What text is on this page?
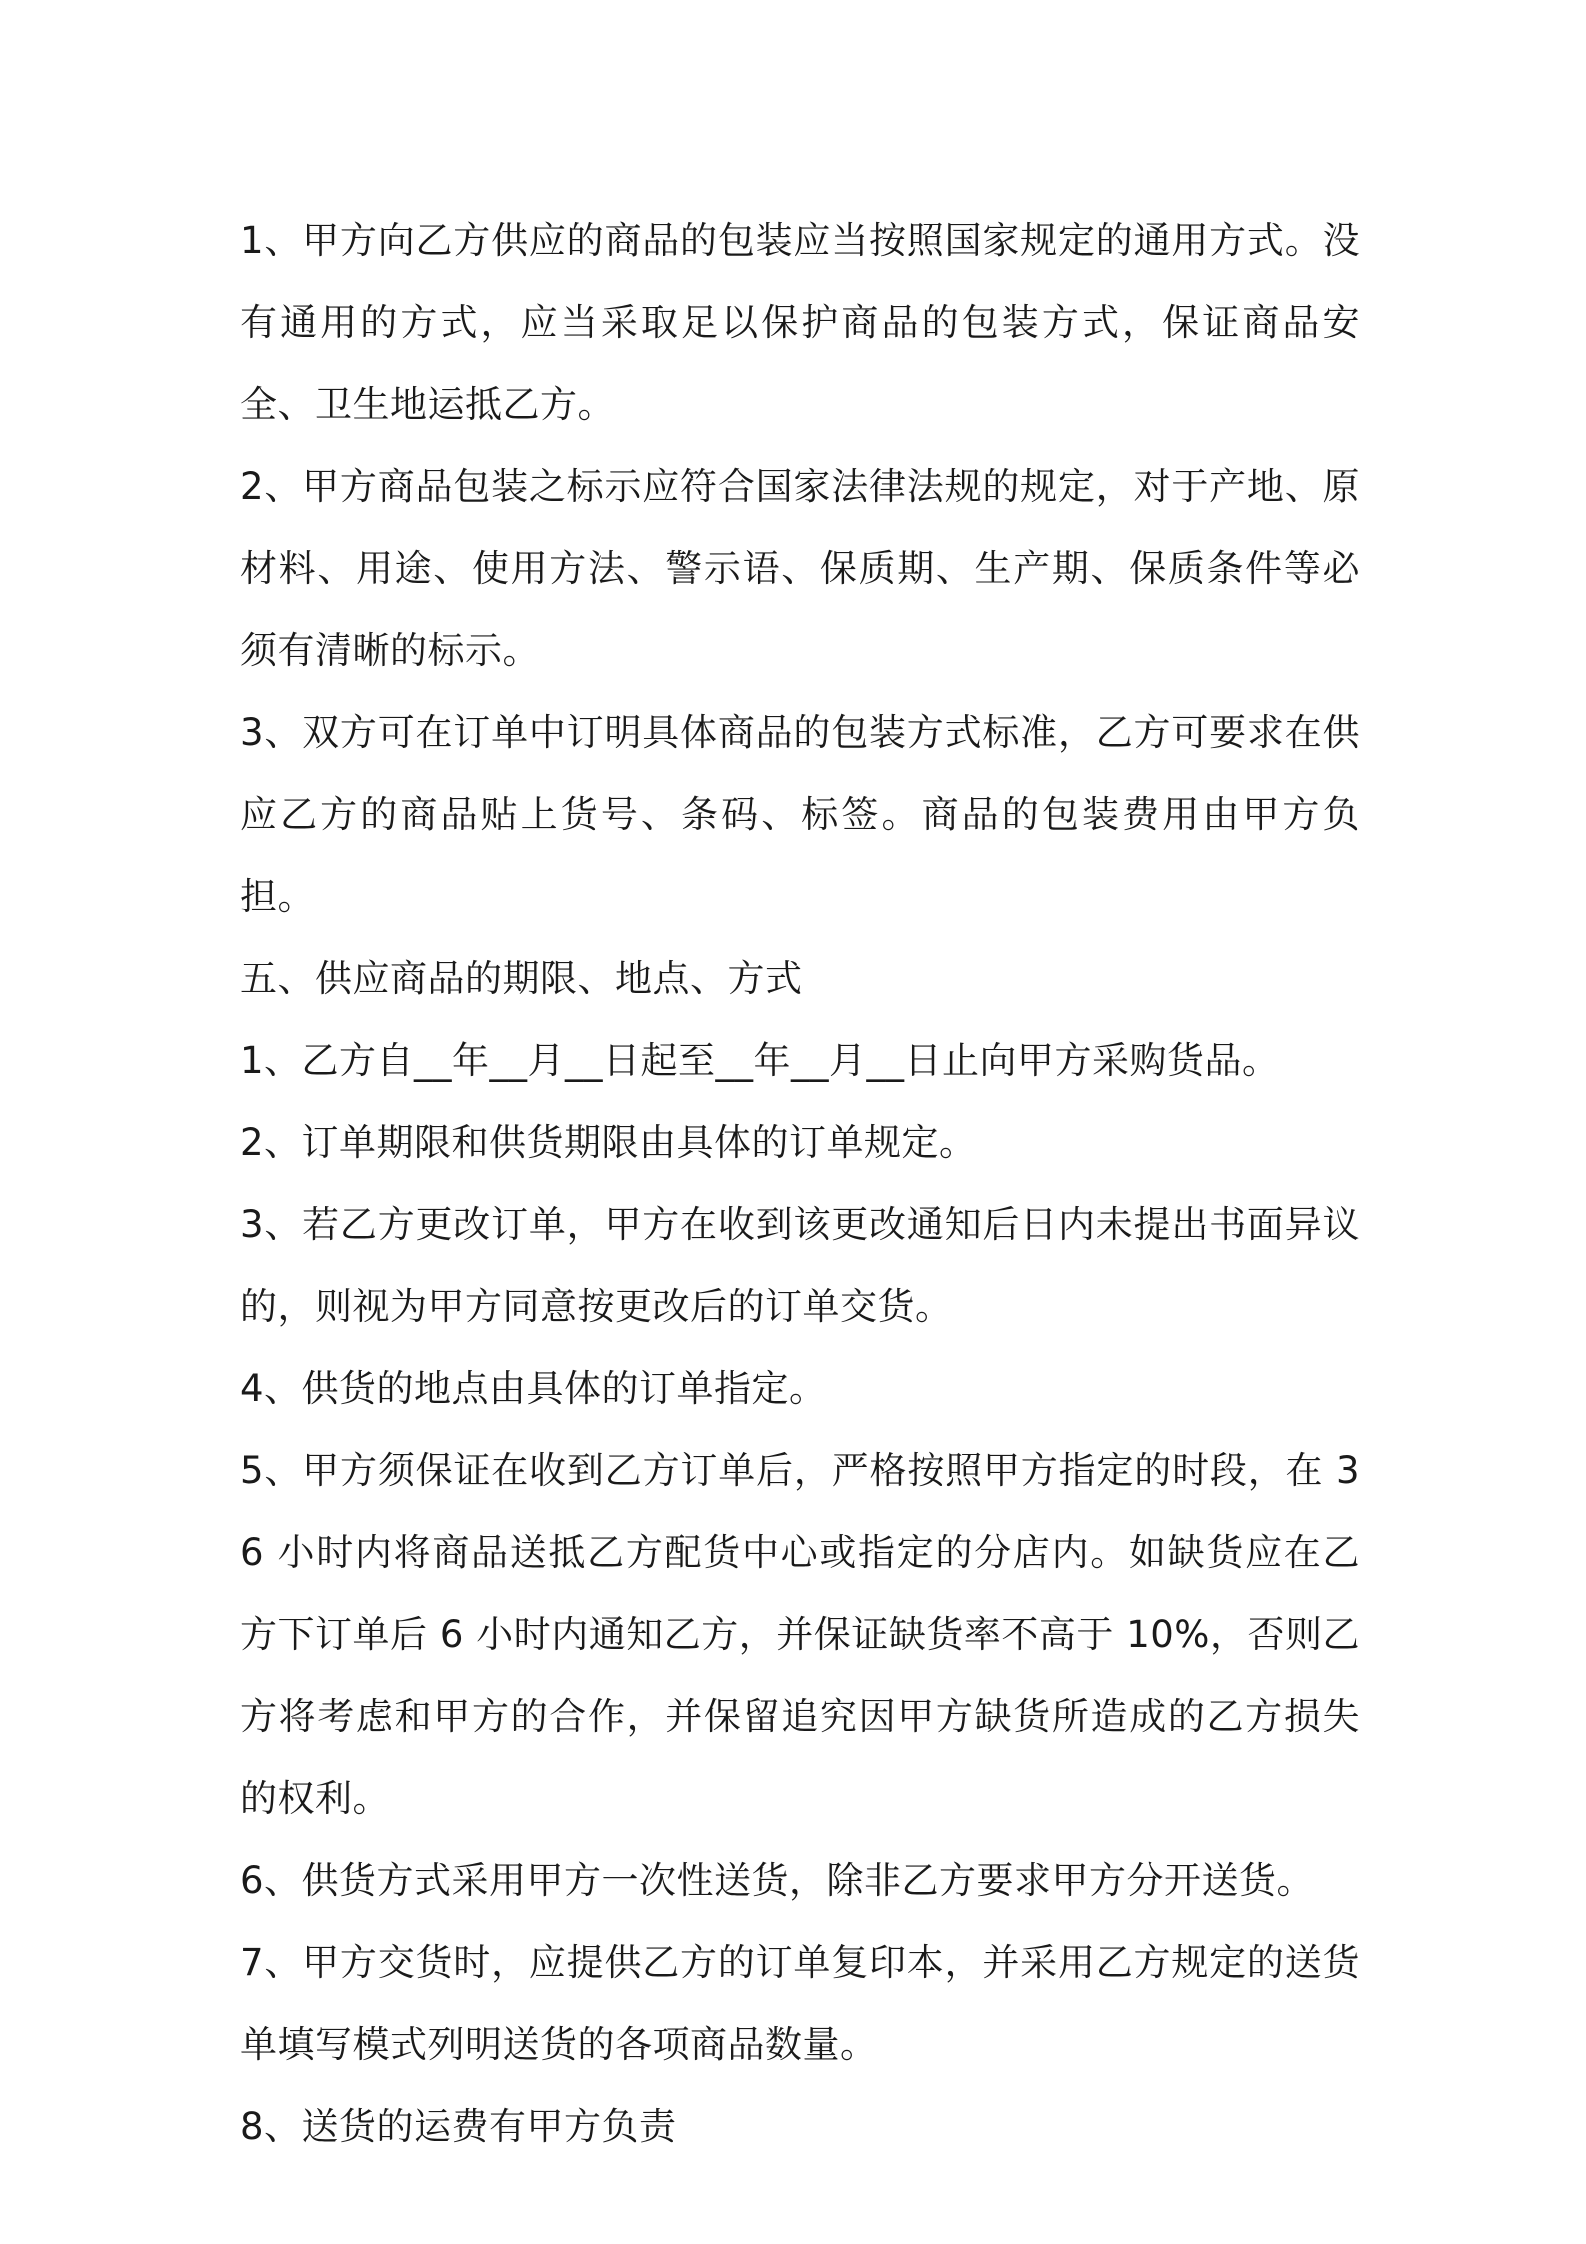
1、甲方向乙方供应的商品的包装应当按照国家规定的通用方式。没有通用的方式，应当采取足以保护商品的包装方式，保证商品安全、卫生地运抵乙方。

2、甲方商品包装之标示应符合国家法律法规的规定，对于产地、原材料、用途、使用方法、警示语、保质期、生产期、保质条件等必须有清晰的标示。

3、双方可在订单中订明具体商品的包装方式标准，乙方可要求在供应乙方的商品贴上货号、条码、标签。商品的包装费用由甲方负担。

五、供应商品的期限、地点、方式

1、乙方自__年__月__日起至__年__月__日止向甲方采购货品。

2、订单期限和供货期限由具体的订单规定。

3、若乙方更改订单，甲方在收到该更改通知后日内未提出书面异议的，则视为甲方同意按更改后的订单交货。

4、供货的地点由具体的订单指定。

5、甲方须保证在收到乙方订单后，严格按照甲方指定的时段，在 36 小时内将商品送抵乙方配货中心或指定的分店内。如缺货应在乙方下订单后 6 小时内通知乙方，并保证缺货率不高于 10%，否则乙方将考虑和甲方的合作，并保留追究因甲方缺货所造成的乙方损失的权利。

6、供货方式采用甲方一次性送货，除非乙方要求甲方分开送货。

7、甲方交货时，应提供乙方的订单复印本，并采用乙方规定的送货单填写模式列明送货的各项商品数量。

8、送货的运费有甲方负责
